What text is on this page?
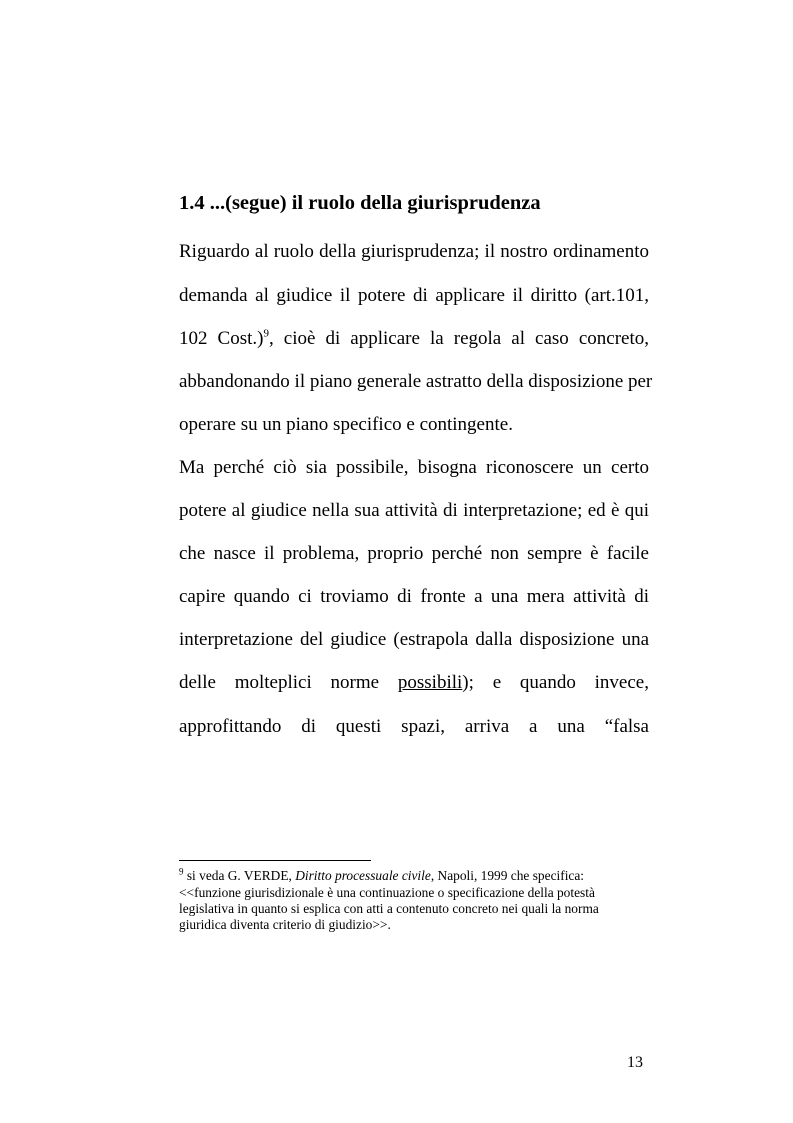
1.4 ...(segue) il ruolo della giurisprudenza
Riguardo al ruolo della giurisprudenza; il nostro ordinamento
demanda al giudice il potere di applicare il diritto (art.101,
102 Cost.)$^9$, cioè di applicare la regola al caso concreto,
abbandonando il piano generale astratto della disposizione per
operare su un piano specifico e contingente.
Ma perché ciò sia possibile, bisogna riconoscere un certo
potere al giudice nella sua attività di interpretazione; ed è qui
che nasce il problema, proprio perché non sempre è facile
capire quando ci troviamo di fronte a una mera attività di
interpretazione del giudice (estrapola dalla disposizione una
delle molteplici norme possibili); e quando invece,
approfittando di questi spazi, arriva a una “falsa
$^9$ si veda G. VERDE, Diritto processuale civile, Napoli, 1999 che specifica:
<<funzione giurisdizionale è una continuazione o specificazione della potestà
legislativa in quanto si esplica con atti a contenuto concreto nei quali la norma
giuridica diventa criterio di giudizio>>.
13
